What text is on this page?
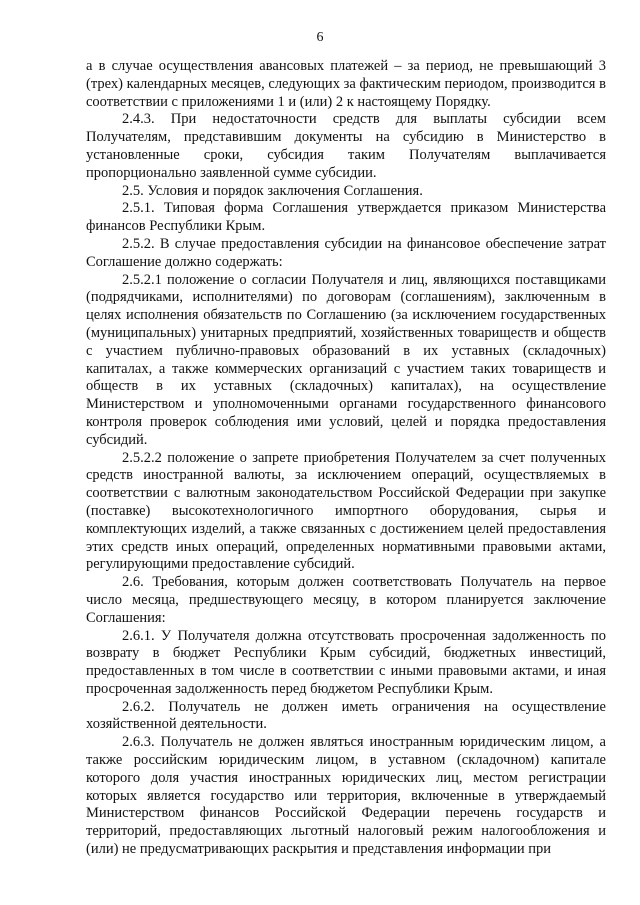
6

а в случае осуществления авансовых платежей – за период, не превышающий 3 (трех) календарных месяцев, следующих за фактическим периодом, производится в соответствии с приложениями 1 и (или) 2 к настоящему Порядку.

2.4.3. При недостаточности средств для выплаты субсидии всем Получателям, представившим документы на субсидию в Министерство в установленные сроки, субсидия таким Получателям выплачивается пропорционально заявленной сумме субсидии.

2.5. Условия и порядок заключения Соглашения.

2.5.1. Типовая форма Соглашения утверждается приказом Министерства финансов Республики Крым.

2.5.2. В случае предоставления субсидии на финансовое обеспечение затрат Соглашение должно содержать:

2.5.2.1 положение о согласии Получателя и лиц, являющихся поставщиками (подрядчиками, исполнителями) по договорам (соглашениям), заключенным в целях исполнения обязательств по Соглашению (за исключением государственных (муниципальных) унитарных предприятий, хозяйственных товариществ и обществ с участием публично-правовых образований в их уставных (складочных) капиталах, а также коммерческих организаций с участием таких товариществ и обществ в их уставных (складочных) капиталах), на осуществление Министерством и уполномоченными органами государственного финансового контроля проверок соблюдения ими условий, целей и порядка предоставления субсидий.

2.5.2.2 положение о запрете приобретения Получателем за счет полученных средств иностранной валюты, за исключением операций, осуществляемых в соответствии с валютным законодательством Российской Федерации при закупке (поставке) высокотехнологичного импортного оборудования, сырья и комплектующих изделий, а также связанных с достижением целей предоставления этих средств иных операций, определенных нормативными правовыми актами, регулирующими предоставление субсидий.

2.6. Требования, которым должен соответствовать Получатель на первое число месяца, предшествующего месяцу, в котором планируется заключение Соглашения:

2.6.1. У Получателя должна отсутствовать просроченная задолженность по возврату в бюджет Республики Крым субсидий, бюджетных инвестиций, предоставленных в том числе в соответствии с иными правовыми актами, и иная просроченная задолженность перед бюджетом Республики Крым.

2.6.2. Получатель не должен иметь ограничения на осуществление хозяйственной деятельности.

2.6.3. Получатель не должен являться иностранным юридическим лицом, а также российским юридическим лицом, в уставном (складочном) капитале которого доля участия иностранных юридических лиц, местом регистрации которых является государство или территория, включенные в утверждаемый Министерством финансов Российской Федерации перечень государств и территорий, предоставляющих льготный налоговый режим налогообложения и (или) не предусматривающих раскрытия и представления информации при
